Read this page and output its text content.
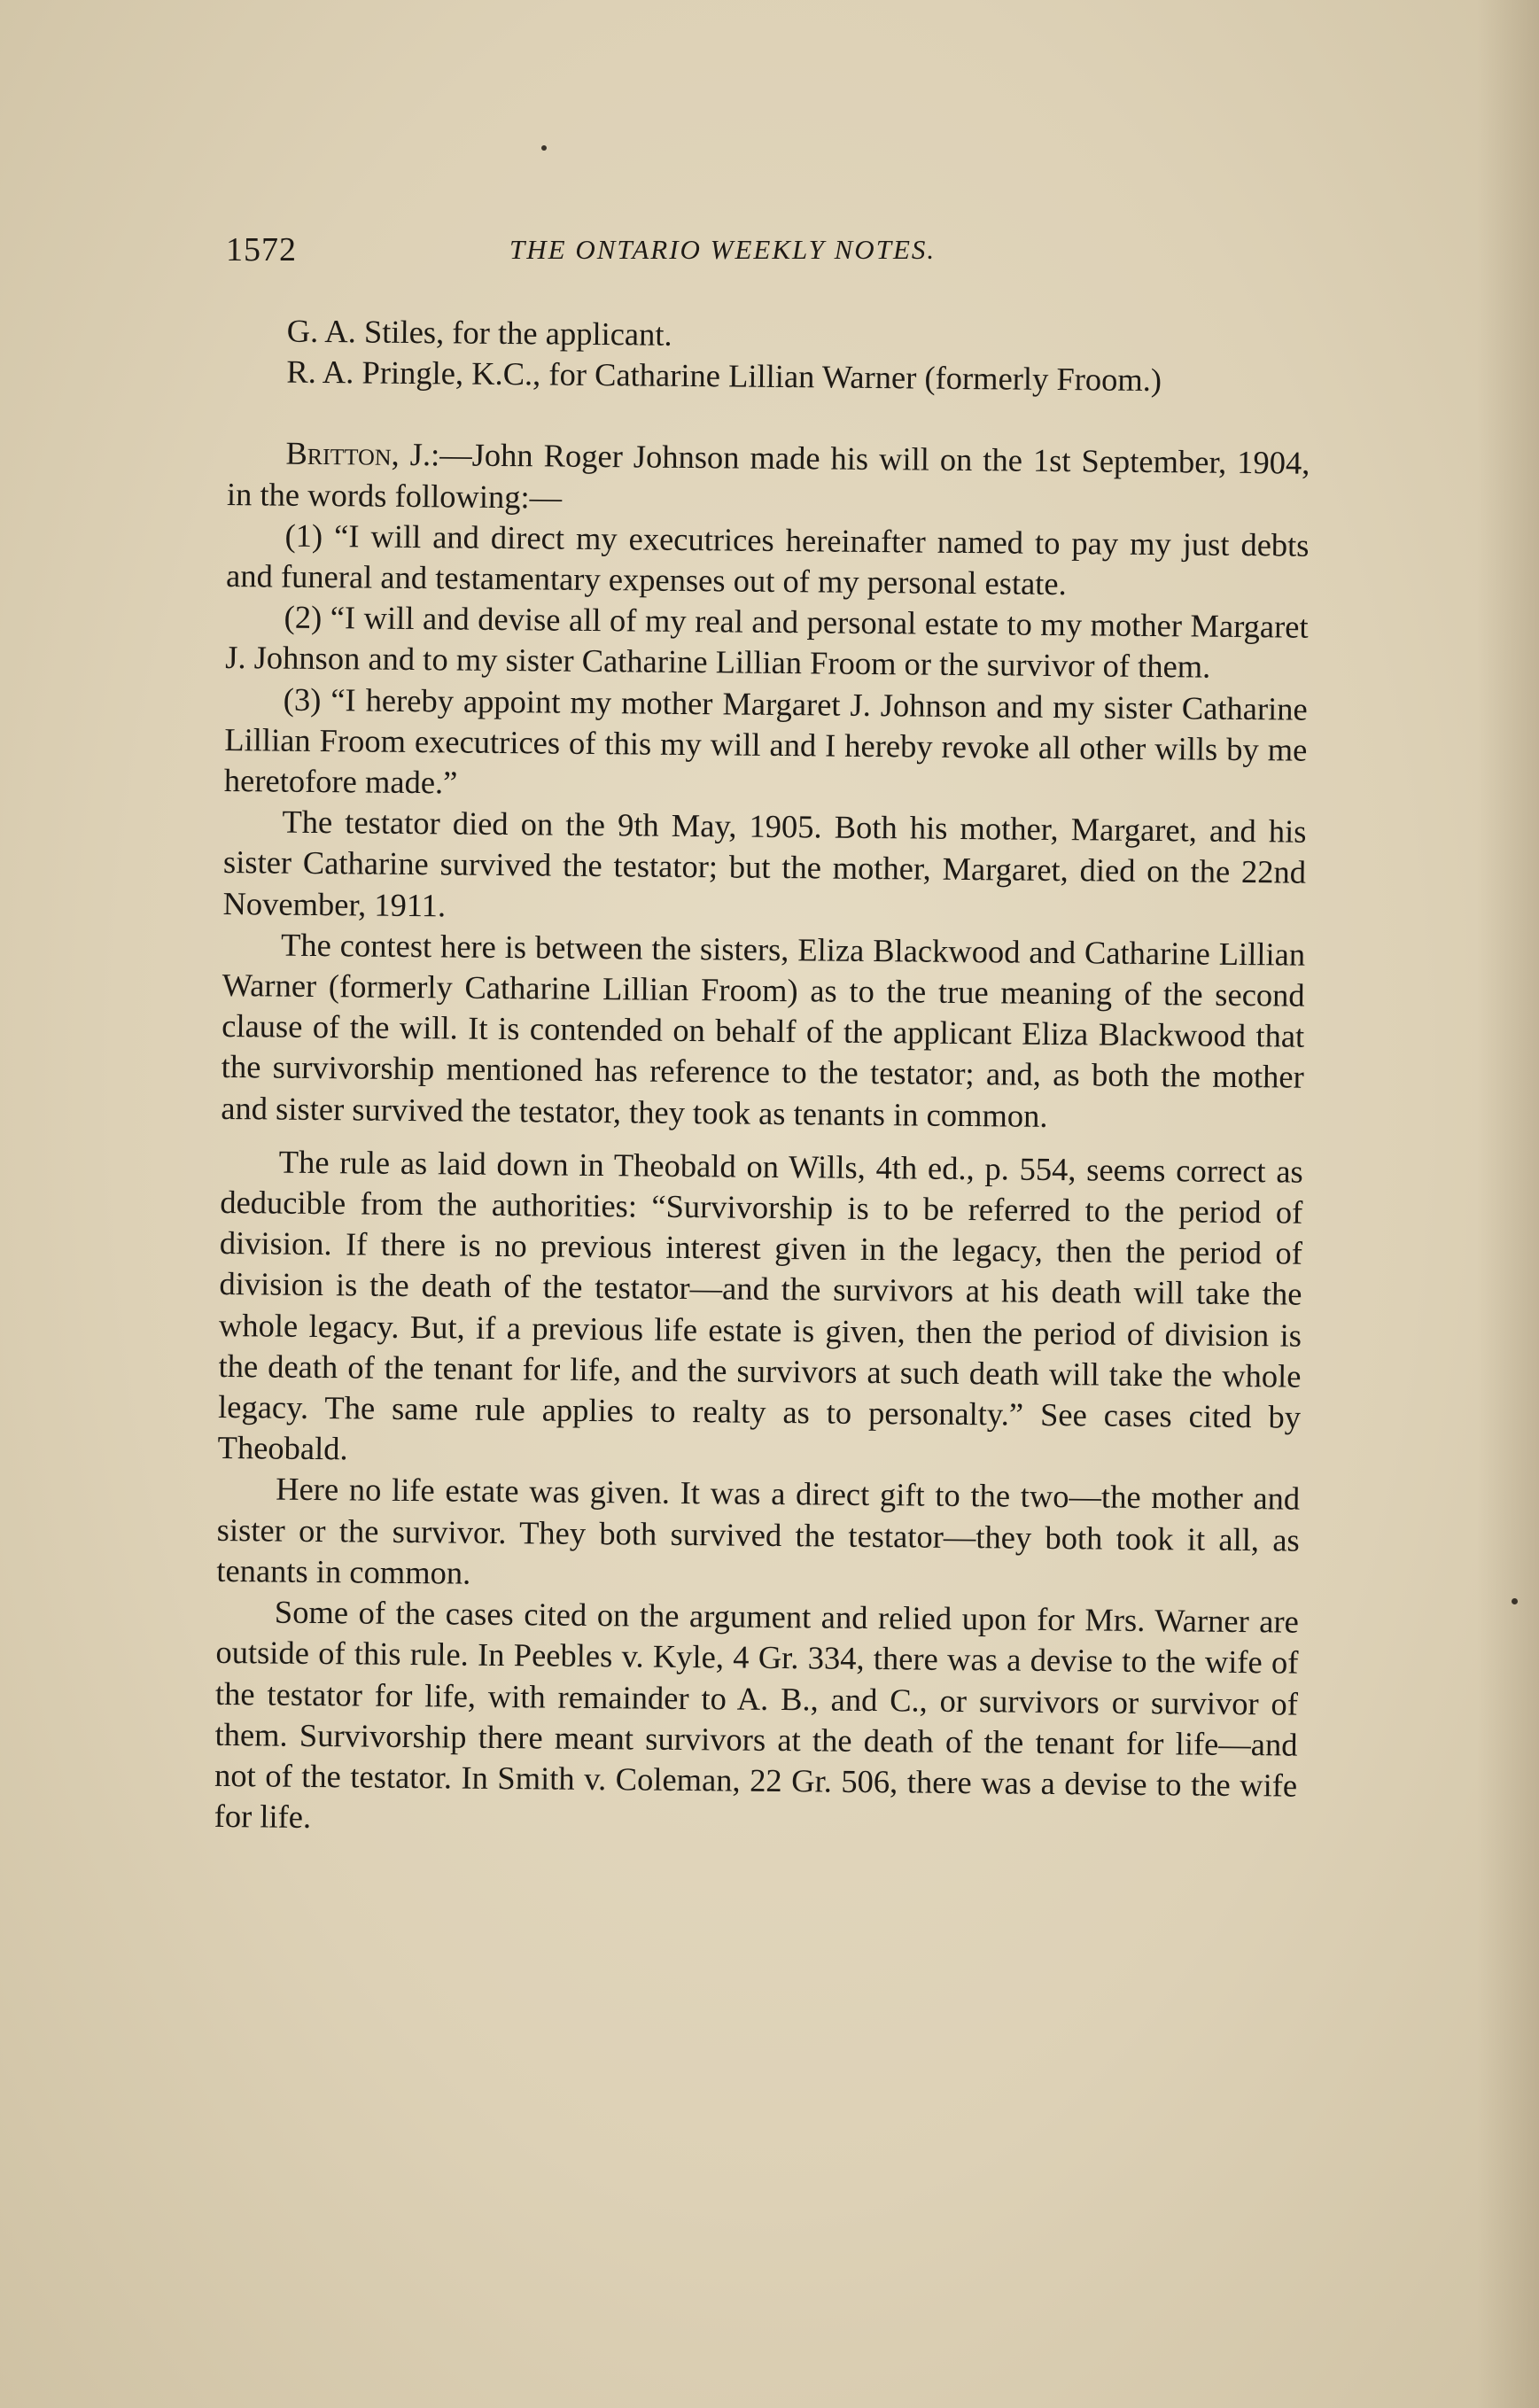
1572	THE ONTARIO WEEKLY NOTES.

G. A. Stiles, for the applicant.

R. A. Pringle, K.C., for Catharine Lillian Warner (formerly Froom.)

Britton, J.:—John Roger Johnson made his will on the 1st September, 1904, in the words following:—

(1) “I will and direct my executrices hereinafter named to pay my just debts and funeral and testamentary expenses out of my personal estate.

(2) “I will and devise all of my real and personal estate to my mother Margaret J. Johnson and to my sister Catharine Lillian Froom or the survivor of them.

(3) “I hereby appoint my mother Margaret J. Johnson and my sister Catharine Lillian Froom executrices of this my will and I hereby revoke all other wills by me heretofore made.”

The testator died on the 9th May, 1905. Both his mother, Margaret, and his sister Catharine survived the testator; but the mother, Margaret, died on the 22nd November, 1911.

The contest here is between the sisters, Eliza Blackwood and Catharine Lillian Warner (formerly Catharine Lillian Froom) as to the true meaning of the second clause of the will. It is contended on behalf of the applicant Eliza Blackwood that the survivorship mentioned has reference to the testator; and, as both the mother and sister survived the testator, they took as tenants in common.

The rule as laid down in Theobald on Wills, 4th ed., p. 554, seems correct as deducible from the authorities: “Survivorship is to be referred to the period of division. If there is no previous interest given in the legacy, then the period of division is the death of the testator—and the survivors at his death will take the whole legacy. But, if a previous life estate is given, then the period of division is the death of the tenant for life, and the survivors at such death will take the whole legacy. The same rule applies to realty as to personalty.” See cases cited by Theobald.

Here no life estate was given. It was a direct gift to the two—the mother and sister or the survivor. They both survived the testator—they both took it all, as tenants in common.

Some of the cases cited on the argument and relied upon for Mrs. Warner are outside of this rule. In Peebles v. Kyle, 4 Gr. 334, there was a devise to the wife of the testator for life, with remainder to A. B., and C., or survivors or survivor of them. Survivorship there meant survivors at the death of the tenant for life—and not of the testator. In Smith v. Coleman, 22 Gr. 506, there was a devise to the wife for life.
